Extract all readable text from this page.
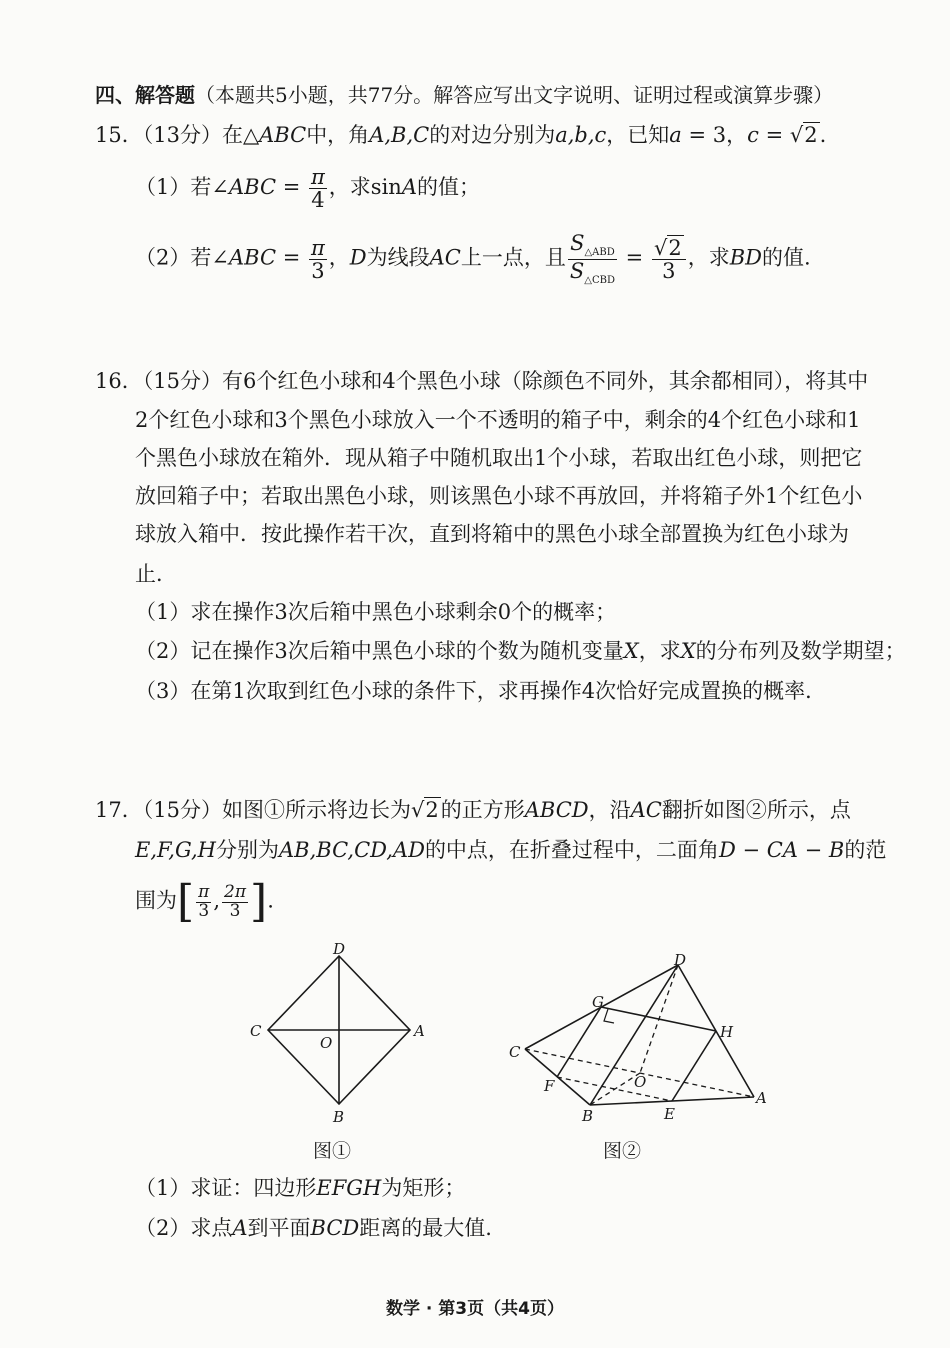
四、解答题（本题共5小题，共77分。解答应写出文字说明、证明过程或演算步骤）
15．（13分）在△ABC中，角A,B,C的对边分别为a,b,c，已知a = 3，c = √2.
（1）若∠ABC = $\frac{\pi}{4}$ ，求sinA的值；
（2）若∠ABC = $\frac{\pi}{3}$ ，D为线段AC上一点，且 $\frac{S_{\triangle ABD}}{S_{\triangle CBD}} = \frac{√2}{3}$ ，求BD的值.
16．（15分）有6个红色小球和4个黑色小球（除颜色不同外，其余都相同），将其中
2个红色小球和3个黑色小球放入一个不透明的箱子中，剩余的4个红色小球和1
个黑色小球放在箱外．现从箱子中随机取出1个小球，若取出红色小球，则把它
放回箱子中；若取出黑色小球，则该黑色小球不再放回，并将箱子外1个红色小
球放入箱中．按此操作若干次，直到将箱中的黑色小球全部置换为红色小球为
止．
（1）求在操作3次后箱中黑色小球剩余0个的概率；
（2）记在操作3次后箱中黑色小球的个数为随机变量X，求X的分布列及数学期望；
（3）在第1次取到红色小球的条件下，求再操作4次恰好完成置换的概率．
17．（15分）如图①所示将边长为√2的正方形ABCD，沿AC翻折如图②所示，点
E,F,G,H分别为AB,BC,CD,AD的中点，在折叠过程中，二面角D − CA − B的范
围为[ $\frac{\pi}{3}$ , $\frac{2\pi}{3}$ ].
D
C
O
A
B
图①
D
G
H
C
O
F
B	E
A
图②
（1）求证：四边形EFGH为矩形；
（2）求点A到平面BCD距离的最大值.
数学 · 第3页（共4页）
